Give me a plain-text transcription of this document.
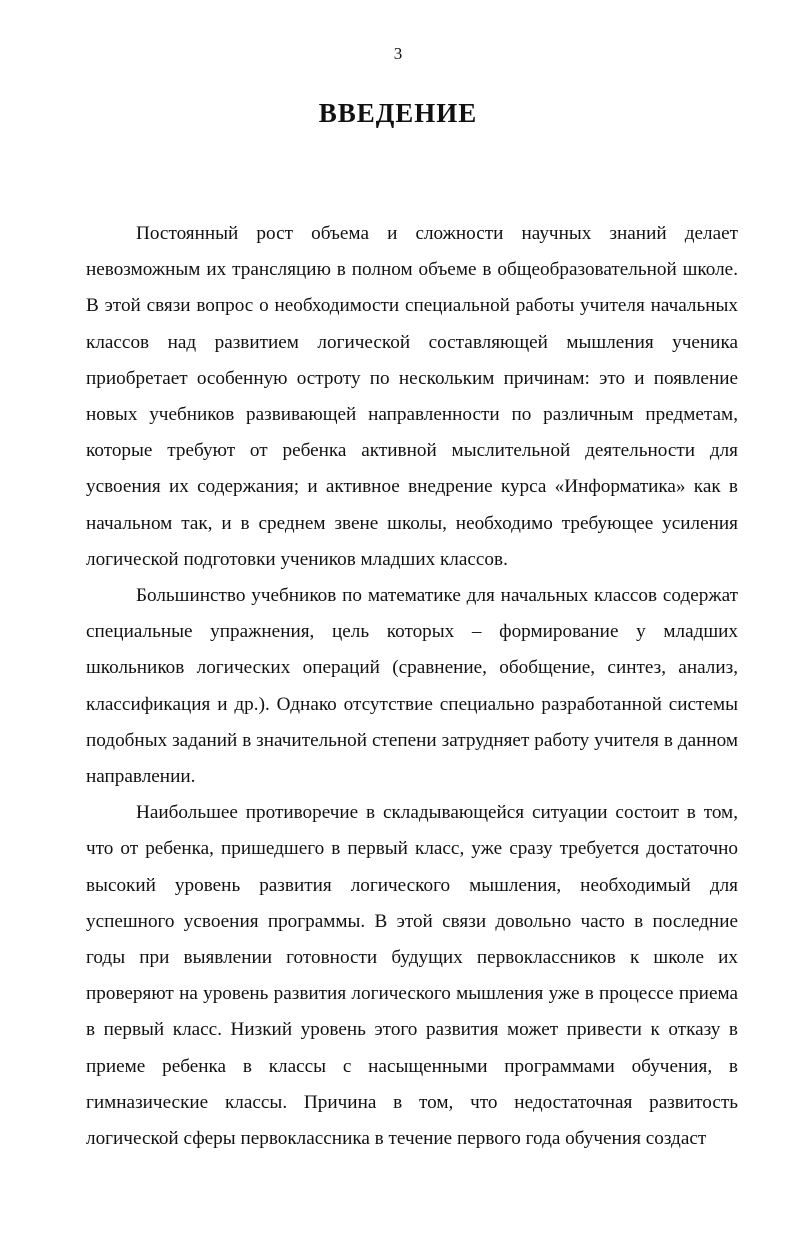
3
ВВЕДЕНИЕ

Постоянный рост объема и сложности научных знаний делает невозможным их трансляцию в полном объеме в общеобразовательной школе. В этой связи вопрос о необходимости специальной работы учителя начальных классов над развитием логической составляющей мышления ученика приобретает особенную остроту по нескольким причинам: это и появление новых учебников развивающей направленности по различным предметам, которые требуют от ребенка активной мыслительной деятельности для усвоения их содержания; и активное внедрение курса «Информатика» как в начальном так, и в среднем звене школы, необходимо требующее усиления логической подготовки учеников младших классов.

Большинство учебников по математике для начальных классов содержат специальные упражнения, цель которых – формирование у младших школьников логических операций (сравнение, обобщение, синтез, анализ, классификация и др.). Однако отсутствие специально разработанной системы подобных заданий в значительной степени затрудняет работу учителя в данном направлении.

Наибольшее противоречие в складывающейся ситуации состоит в том, что от ребенка, пришедшего в первый класс, уже сразу требуется достаточно высокий уровень развития логического мышления, необходимый для успешного усвоения программы. В этой связи довольно часто в последние годы при выявлении готовности будущих первоклассников к школе их проверяют на уровень развития логического мышления уже в процессе приема в первый класс. Низкий уровень этого развития может привести к отказу в приеме ребенка в классы с насыщенными программами обучения, в гимназические классы. Причина в том, что недостаточная развитость логической сферы первоклассника в течение первого года обучения создаст
